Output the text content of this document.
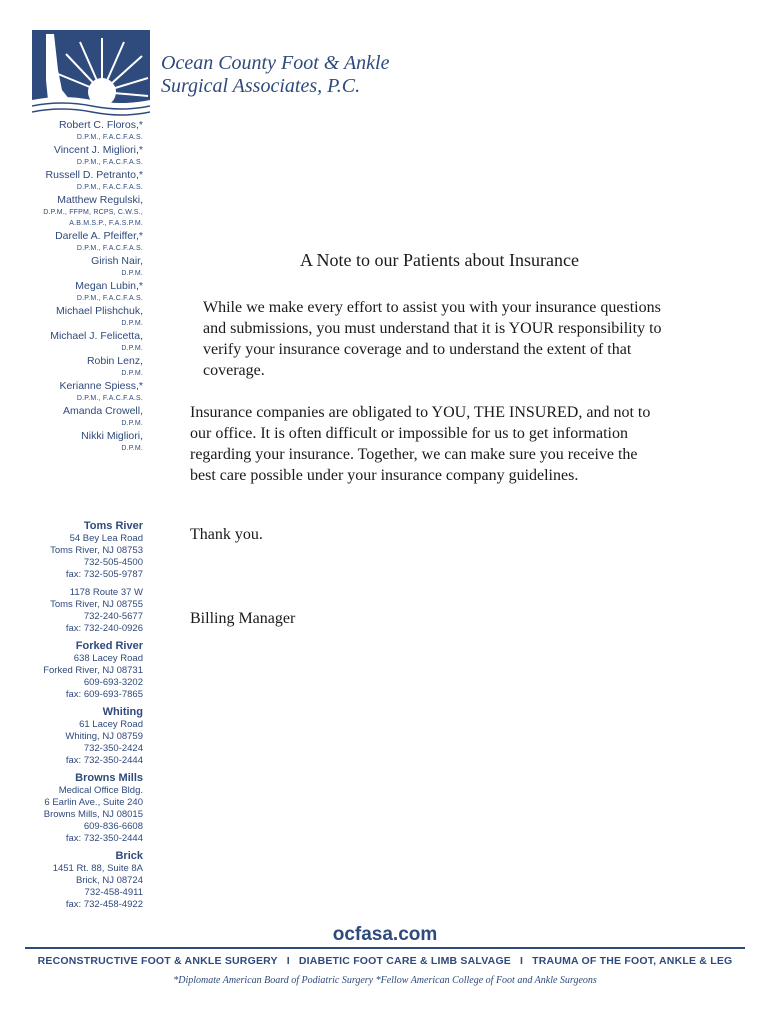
Ocean County Foot & Ankle
Surgical Associates, P.C.
Robert C. Floros,*
D.P.M., F.A.C.F.A.S.
Vincent J. Migliori,*
D.P.M., F.A.C.F.A.S.
Russell D. Petranto,*
D.P.M., F.A.C.F.A.S.
Matthew Regulski,
D.P.M., FFPM, RCPS, C.W.S.,
A.B.M.S.P., F.A.S.P.M.
Darelle A. Pfeiffer,*
D.P.M., F.A.C.F.A.S.
Girish Nair,
D.P.M.
Megan Lubin,*
D.P.M., F.A.C.F.A.S.
Michael Plishchuk,
D.P.M.
Michael J. Felicetta,
D.P.M.
Robin Lenz,
D.P.M.
Kerianne Spiess,*
D.P.M., F.A.C.F.A.S.
Amanda Crowell,
D.P.M.
Nikki Migliori,
D.P.M.
Toms River
54 Bey Lea Road
Toms River, NJ 08753
732-505-4500
fax: 732-505-9787
1178 Route 37 W
Toms River, NJ 08755
732-240-5677
fax: 732-240-0926
Forked River
638 Lacey Road
Forked River, NJ 08731
609-693-3202
fax: 609-693-7865
Whiting
61 Lacey Road
Whiting, NJ 08759
732-350-2424
fax: 732-350-2444
Browns Mills
Medical Office Bldg.
6 Earlin Ave., Suite 240
Browns Mills, NJ 08015
609-836-6608
fax: 732-350-2444
Brick
1451 Rt. 88, Suite 8A
Brick, NJ 08724
732-458-4911
fax: 732-458-4922
A Note to our Patients about Insurance
While we make every effort to assist you with your insurance questions and submissions, you must understand that it is YOUR responsibility to verify your insurance coverage and to understand the extent of that coverage.
Insurance companies are obligated to YOU, THE INSURED, and not to our office. It is often difficult or impossible for us to get information regarding your insurance. Together, we can make sure you receive the best care possible under your insurance company guidelines.
Thank you.
Billing Manager
ocfasa.com
RECONSTRUCTIVE FOOT & ANKLE SURGERY I DIABETIC FOOT CARE & LIMB SALVAGE I TRAUMA OF THE FOOT, ANKLE & LEG
*Diplomate American Board of Podiatric Surgery *Fellow American College of Foot and Ankle Surgeons
